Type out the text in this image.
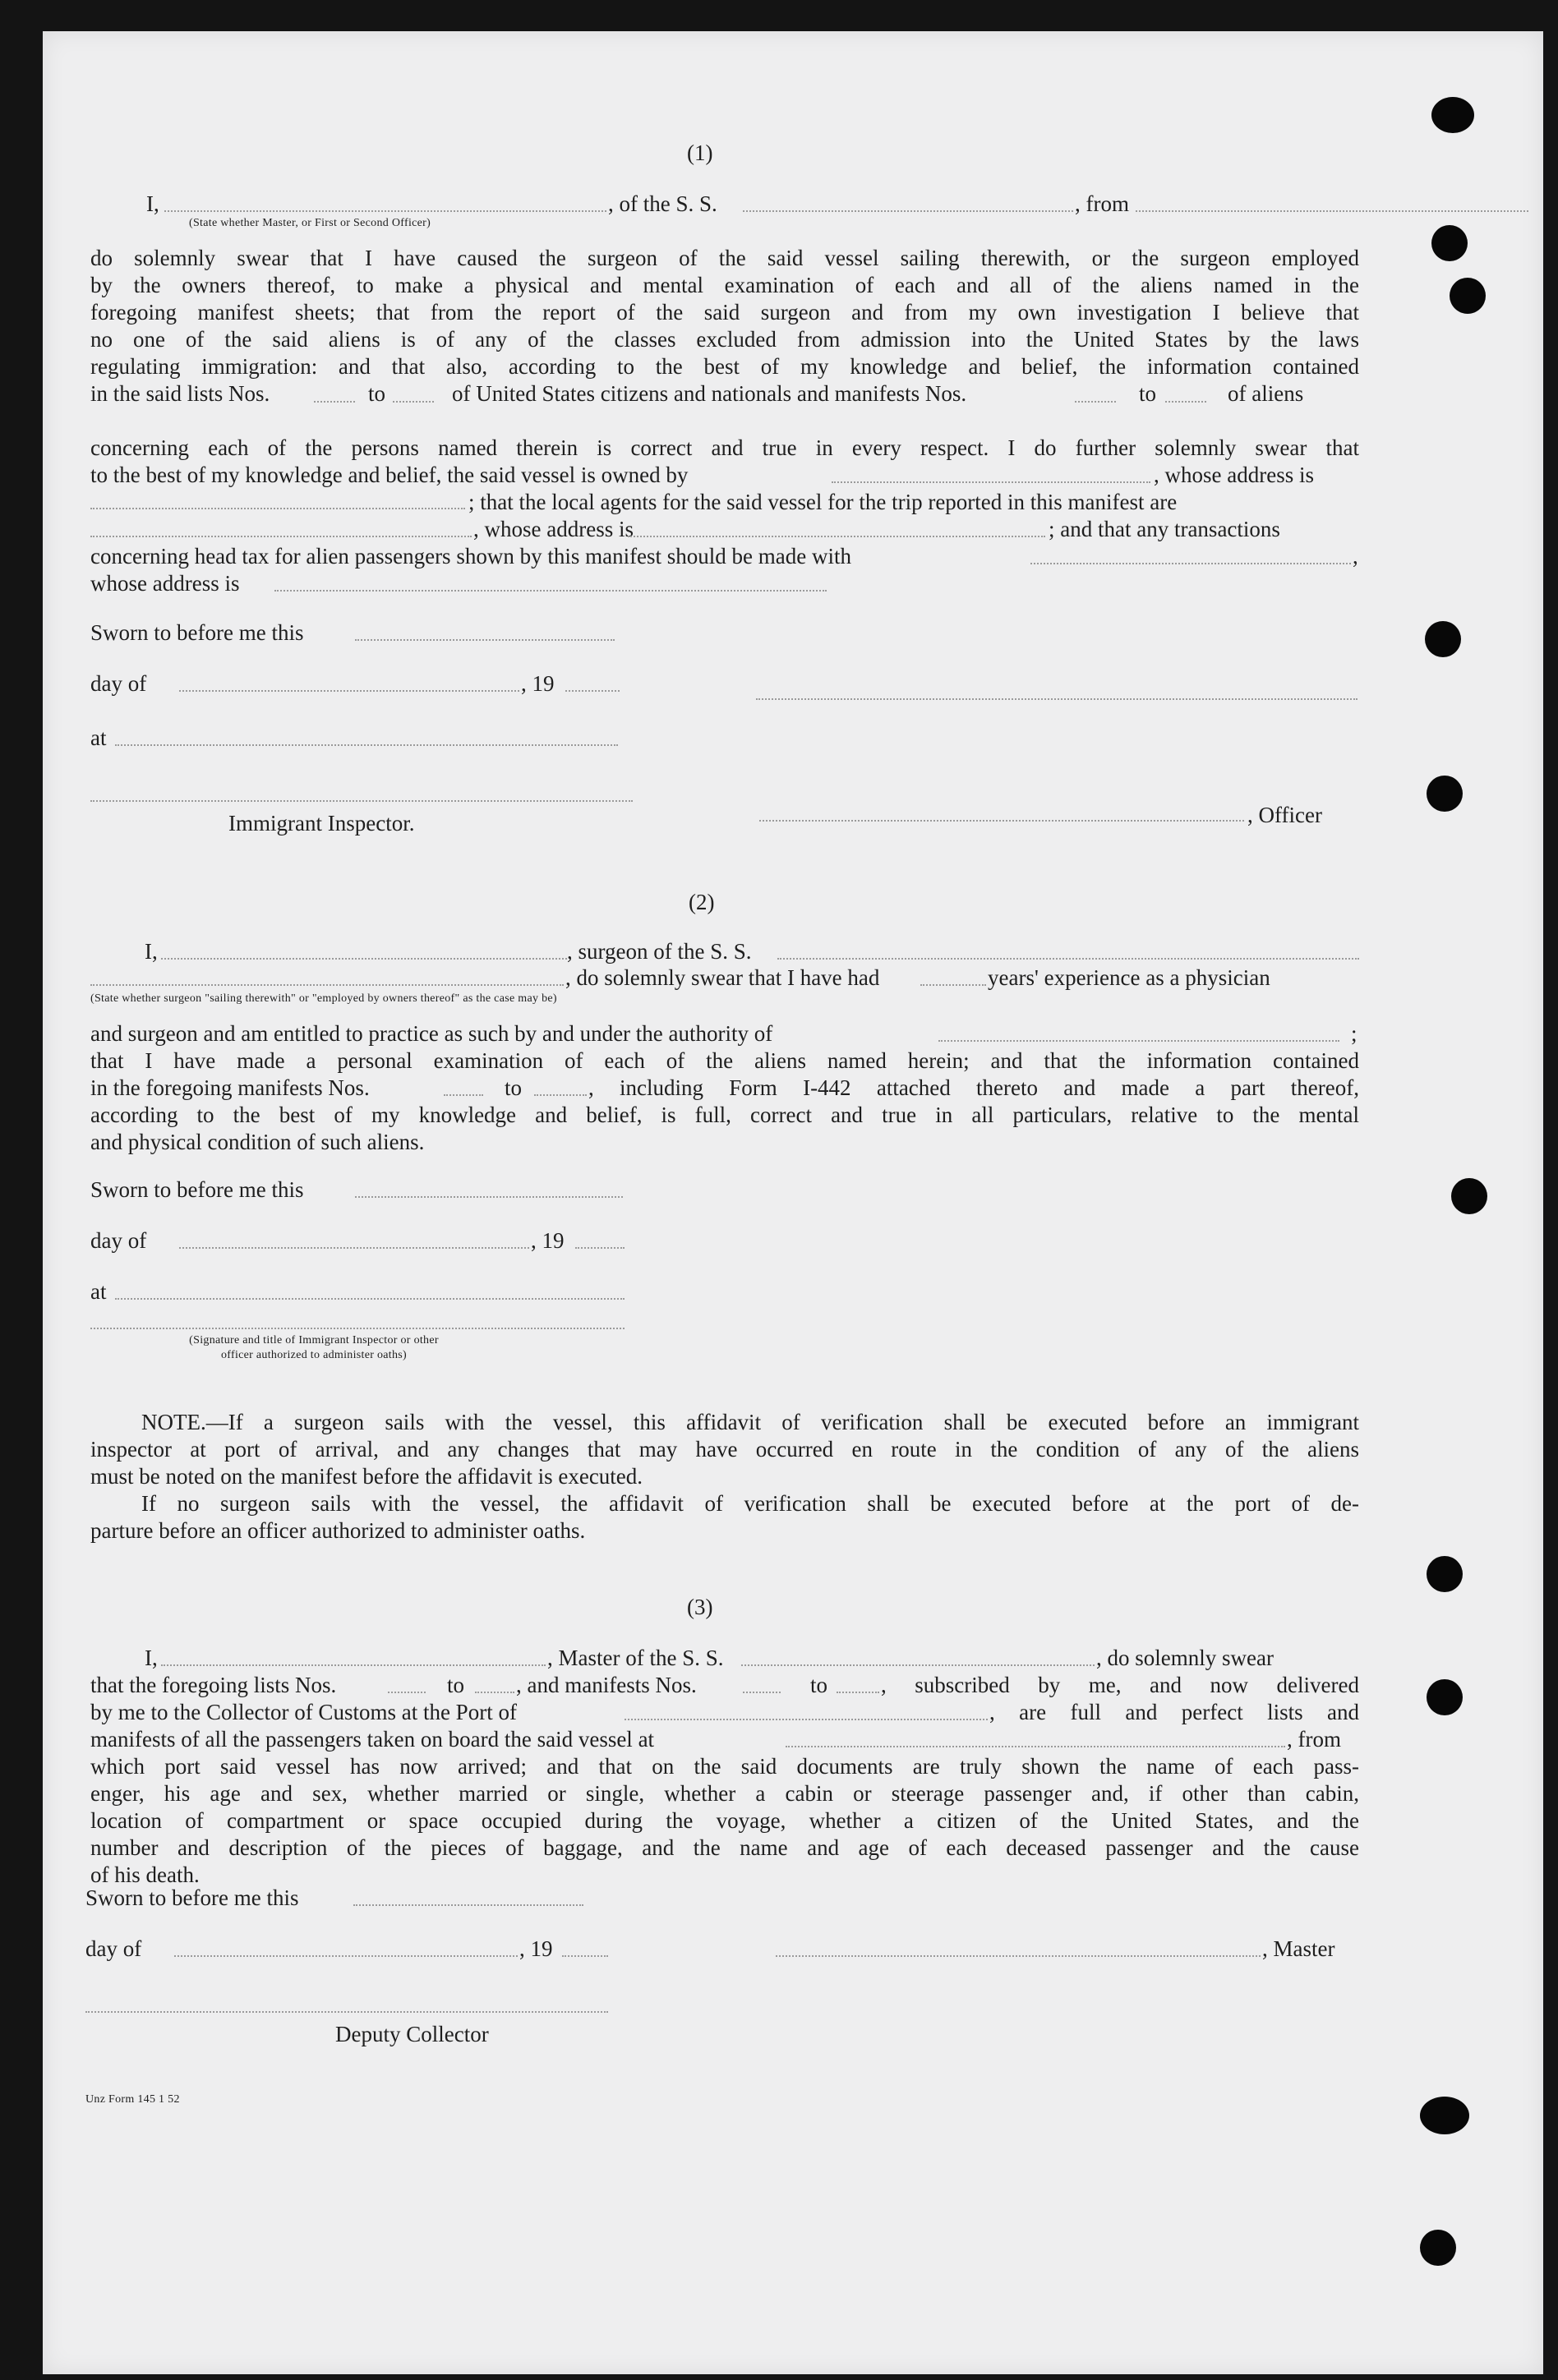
(1)
I,	, of the S. S.	, from
(State whether Master, or First or Second Officer)
do solemnly swear that I have caused the surgeon of the said vessel sailing therewith, or the surgeon employed
by the owners thereof, to make a physical and mental examination of each and all of the aliens named in the
foregoing manifest sheets; that from the report of the said surgeon and from my own investigation I believe that
no one of the said aliens is of any of the classes excluded from admission into the United States by the laws
regulating immigration: and that also, according to the best of my knowledge and belief, the information contained
in the said lists Nos.	to	of United States citizens and nationals and manifests Nos.	to	of aliens
concerning each of the persons named therein is correct and true in every respect. I do further solemnly swear that
to the best of my knowledge and belief, the said vessel is owned by	, whose address is
; that the local agents for the said vessel for the trip reported in this manifest are
, whose address is	; and that any transactions
concerning head tax for alien passengers shown by this manifest should be made with	,
whose address is
Sworn to before me this
day of	, 19
at
Immigrant Inspector.	, Officer
(2)
I,	, surgeon of the S. S.
, do solemnly swear that I have had	years' experience as a physician
(State whether surgeon "sailing therewith" or "employed by owners thereof" as the case may be)
and surgeon and am entitled to practice as such by and under the authority of	;
that I have made a personal examination of each of the aliens named herein; and that the information contained
in the foregoing manifests Nos.	to	, including Form I-442 attached thereto and made a part thereof,
according to the best of my knowledge and belief, is full, correct and true in all particulars, relative to the mental
and physical condition of such aliens.
Sworn to before me this
day of	, 19
at
(Signature and title of Immigrant Inspector or other
officer authorized to administer oaths)
NOTE.—If a surgeon sails with the vessel, this affidavit of verification shall be executed before an immigrant
inspector at port of arrival, and any changes that may have occurred en route in the condition of any of the aliens
must be noted on the manifest before the affidavit is executed.
If no surgeon sails with the vessel, the affidavit of verification shall be executed before at the port of de-
parture before an officer authorized to administer oaths.
(3)
I,	, Master of the S. S.	, do solemnly swear
that the foregoing lists Nos.	to , and manifests Nos.	to , subscribed by me, and now delivered
by me to the Collector of Customs at the Port of	, are full and perfect lists and
manifests of all the passengers taken on board the said vessel at	, from
which port said vessel has now arrived; and that on the said documents are truly shown the name of each pass-
enger, his age and sex, whether married or single, whether a cabin or steerage passenger and, if other than cabin,
location of compartment or space occupied during the voyage, whether a citizen of the United States, and the
number and description of the pieces of baggage, and the name and age of each deceased passenger and the cause
of his death.
Sworn to before me this
day of	, 19	, Master
Deputy Collector
Unz Form 145 1 52
